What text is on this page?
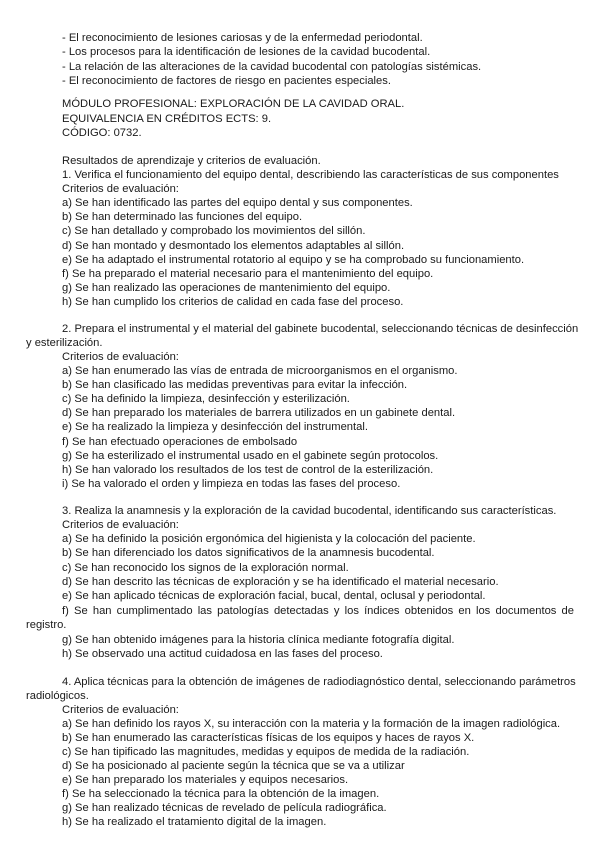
- El reconocimiento de lesiones cariosas y de la enfermedad periodontal.
- Los procesos para la identificación de lesiones de la cavidad bucodental.
- La relación de las alteraciones de la cavidad bucodental con patologías sistémicas.
- El reconocimiento de factores de riesgo en pacientes especiales.
MÓDULO PROFESIONAL: EXPLORACIÓN DE LA CAVIDAD ORAL.
EQUIVALENCIA EN CRÉDITOS ECTS: 9.
CÓDIGO: 0732.
Resultados de aprendizaje y criterios de evaluación.
1. Verifica el funcionamiento del equipo dental, describiendo las características de sus componentes
Criterios de evaluación:
a) Se han identificado las partes del equipo dental y sus componentes.
b) Se han determinado las funciones del equipo.
c) Se han detallado y comprobado los movimientos del sillón.
d) Se han montado y desmontado los elementos adaptables al sillón.
e) Se ha adaptado el instrumental rotatorio al equipo y se ha comprobado su funcionamiento.
f) Se ha preparado el material necesario para el mantenimiento del equipo.
g) Se han realizado las operaciones de mantenimiento del equipo.
h) Se han cumplido los criterios de calidad en cada fase del proceso.
2. Prepara el instrumental y el material del gabinete bucodental, seleccionando técnicas de desinfección
y esterilización.
Criterios de evaluación:
a) Se han enumerado las vías de entrada de microorganismos en el organismo.
b) Se han clasificado las medidas preventivas para evitar la infección.
c) Se ha definido la limpieza, desinfección y esterilización.
d) Se han preparado los materiales de barrera utilizados en un gabinete dental.
e) Se ha realizado la limpieza y desinfección del instrumental.
f) Se han efectuado operaciones de embolsado
g) Se ha esterilizado el instrumental usado en el gabinete según protocolos.
h) Se han valorado los resultados de los test de control de la esterilización.
i) Se ha valorado el orden y limpieza en todas las fases del proceso.
3. Realiza la anamnesis y la exploración de la cavidad bucodental, identificando sus características.
Criterios de evaluación:
a) Se ha definido la posición ergonómica del higienista y la colocación del paciente.
b) Se han diferenciado los datos significativos de la anamnesis bucodental.
c) Se han reconocido los signos de la exploración normal.
d) Se han descrito las técnicas de exploración y se ha identificado el material necesario.
e) Se han aplicado técnicas de exploración facial, bucal, dental, oclusal y periodontal.
f) Se han cumplimentado las patologías detectadas y los índices obtenidos en los documentos de
registro.
g) Se han obtenido imágenes para la historia clínica mediante fotografía digital.
h) Se observado una actitud cuidadosa en las fases del proceso.
4. Aplica técnicas para la obtención de imágenes de radiodiagnóstico dental, seleccionando parámetros
radiológicos.
Criterios de evaluación:
a) Se han definido los rayos X, su interacción con la materia y la formación de la imagen radiológica.
b) Se han enumerado las características físicas de los equipos y haces de rayos X.
c) Se han tipificado las magnitudes, medidas y equipos de medida de la radiación.
d) Se ha posicionado al paciente según la técnica que se va a utilizar
e) Se han preparado los materiales y equipos necesarios.
f) Se ha seleccionado la técnica para la obtención de la imagen.
g) Se han realizado técnicas de revelado de película radiográfica.
h) Se ha realizado el tratamiento digital de la imagen.
